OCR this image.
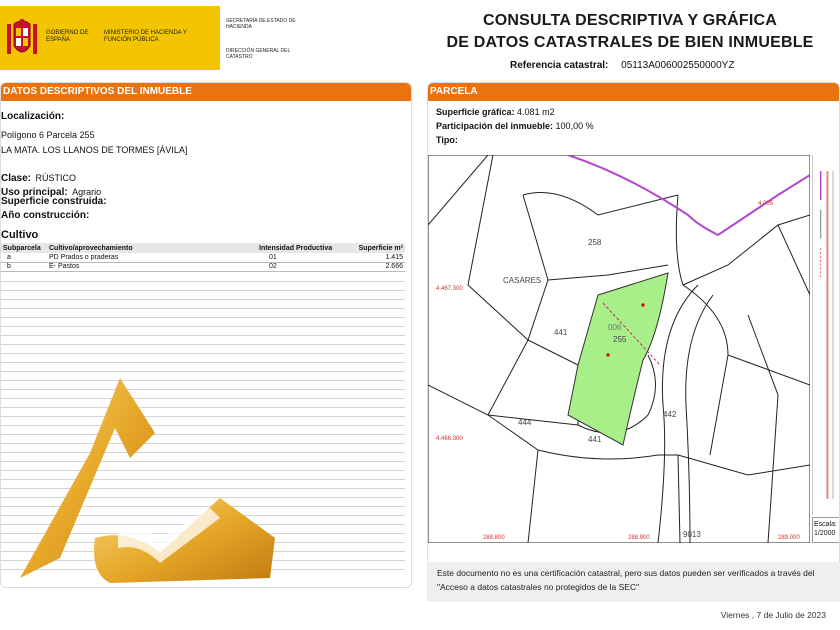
GOBIERNO DE ESPAÑA
MINISTERIO DE HACIENDA Y FUNCIÓN PÚBLICA
SECRETARÍA DE ESTADO DE HACIENDA
DIRECCIÓN GENERAL DEL CATASTRO
CONSULTA DESCRIPTIVA Y GRÁFICA
DE DATOS CATASTRALES DE BIEN INMUEBLE
Referencia catastral: 05113A006002550000YZ
DATOS DESCRIPTIVOS DEL INMUEBLE
Localización:
Polígono 6 Parcela 255
LA MATA. LOS LLANOS DE TORMES [ÁVILA]
Clase: RÚSTICO
Uso principal: Agrario
Superficie construida:
Año construcción:
Cultivo
Subparcela	Cultivo/aprovechamiento	Intensidad Productiva	Superficie m²
a	PD Prados o praderas	01	1.415
b	E- Pastos	02	2.666
PARCELA
Superficie gráfica: 4.081 m2
Participación del inmueble: 100,00 %
Tipo:
258
CASARES
441
006
255
444
441
442
9013
4.467.300
4.466.300
288.800	288.900	289.000
4.005
Escala:
1/2000
Este documento no es una certificación catastral, pero sus datos pueden ser verificados a través del "Acceso a datos catastrales no protegidos de la SEC"
Viernes , 7 de Julio de 2023
